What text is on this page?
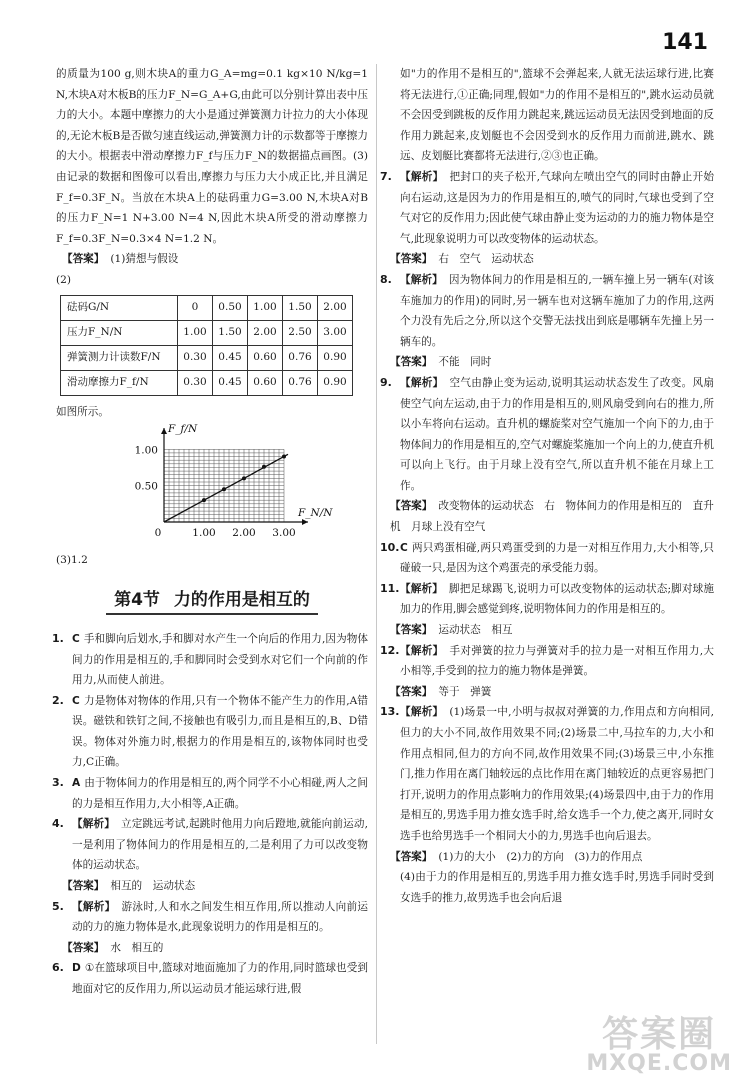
141

的质量为100 g,则木块A的重力G_A=mg=0.1 kg×10 N/kg=1 N,木块A对木板B的压力F_N=G_A+G,由此可以分别计算出表中压力的大小。本题中摩擦力的大小是通过弹簧测力计拉力的大小体现的,无论木板B是否做匀速直线运动,弹簧测力计的示数都等于摩擦力的大小。根据表中滑动摩擦力F_f与压力F_N的数据描点画图。(3)由记录的数据和图像可以看出,摩擦力与压力大小成正比,并且满足F_f=0.3F_N。当放在木块A上的砝码重力G=3.00 N,木块A对B的压力F_N=1 N+3.00 N=4 N,因此木块A所受的滑动摩擦力F_f=0.3F_N=0.3×4 N=1.2 N。

【答案】 (1)猜想与假设

(2)

砝码G/N	0	0.50	1.00	1.50	2.00
压力F_N/N	1.00	1.50	2.00	2.50	3.00
弹簧测力计读数F/N	0.30	0.45	0.60	0.76	0.90
滑动摩擦力F_f/N	0.30	0.45	0.60	0.76	0.90

如图所示。

0	1.00 2.00 3.00
0.50
1.00
F_f/N
F_N/N

(3)1.2

第4节 力的作用是相互的
1. C 手和脚向后划水,手和脚对水产生一个向后的作用力,因为物体间力的作用是相互的,手和脚同时会受到水对它们一个向前的作用力,从而使人前进。
2. C 力是物体对物体的作用,只有一个物体不能产生力的作用,A错误。磁铁和铁钉之间,不接触也有吸引力,而且是相互的,B、D错误。物体对外施力时,根据力的作用是相互的,该物体同时也受力,C正确。
3. A 由于物体间力的作用是相互的,两个同学不小心相碰,两人之间的力是相互作用力,大小相等,A正确。
4. 【解析】 立定跳远考试,起跳时他用力向后蹬地,就能向前运动,一是利用了物体间力的作用是相互的,二是利用了力可以改变物体的运动状态。

【答案】 相互的　运动状态

5. 【解析】 游泳时,人和水之间发生相互作用,所以推动人向前运动的力的施力物体是水,此现象说明力的作用是相互的。

【答案】 水　相互的

6. D ①在篮球项目中,篮球对地面施加了力的作用,同时篮球也受到地面对它的反作用力,所以运动员才能运球行进,假

如"力的作用不是相互的",篮球不会弹起来,人就无法运球行进,比赛将无法进行,①正确;同理,假如"力的作用不是相互的",跳水运动员就不会因受到跳板的反作用力跳起来,跳远运动员无法因受到地面的反作用力跳起来,皮划艇也不会因受到水的反作用力而前进,跳水、跳远、皮划艇比赛都将无法进行,②③也正确。

7. 【解析】 把封口的夹子松开,气球向左喷出空气的同时由静止开始向右运动,这是因为力的作用是相互的,喷气的同时,气球也受到了空气对它的反作用力;因此使气球由静止变为运动的力的施力物体是空气,此现象说明力可以改变物体的运动状态。

【答案】 右　空气　运动状态

8. 【解析】 因为物体间力的作用是相互的,一辆车撞上另一辆车(对该车施加力的作用)的同时,另一辆车也对这辆车施加了力的作用,这两个力没有先后之分,所以这个交警无法找出到底是哪辆车先撞上另一辆车的。

【答案】 不能　同时

9. 【解析】 空气由静止变为运动,说明其运动状态发生了改变。风扇使空气向左运动,由于力的作用是相互的,则风扇受到向右的推力,所以小车将向右运动。直升机的螺旋桨对空气施加一个向下的力,由于物体间力的作用是相互的,空气对螺旋桨施加一个向上的力,使直升机可以向上飞行。由于月球上没有空气,所以直升机不能在月球上工作。

【答案】 改变物体的运动状态　右　物体间力的作用是相互的　直升机　月球上没有空气

10. C 两只鸡蛋相碰,两只鸡蛋受到的力是一对相互作用力,大小相等,只碰破一只,是因为这个鸡蛋壳的承受能力弱。
11. 【解析】 脚把足球踢飞,说明力可以改变物体的运动状态;脚对球施加力的作用,脚会感觉到疼,说明物体间力的作用是相互的。

【答案】 运动状态　相互

12. 【解析】 手对弹簧的拉力与弹簧对手的拉力是一对相互作用力,大小相等,手受到的拉力的施力物体是弹簧。

【答案】 等于　弹簧

13. 【解析】 (1)场景一中,小明与叔叔对弹簧的力,作用点和方向相同,但力的大小不同,故作用效果不同;(2)场景二中,马拉车的力,大小和作用点相同,但力的方向不同,故作用效果不同;(3)场景三中,小东推门,推力作用在离门轴较远的点比作用在离门轴较近的点更容易把门打开,说明力的作用点影响力的作用效果;(4)场景四中,由于力的作用是相互的,男选手用力推女选手时,给女选手一个力,使之离开,同时女选手也给男选手一个相同大小的力,男选手也向后退去。

【答案】 (1)力的大小　(2)力的方向　(3)力的作用点

(4)由于力的作用是相互的,男选手用力推女选手时,男选手同时受到女选手的推力,故男选手也会向后退

答案圈
MXQE.COM
